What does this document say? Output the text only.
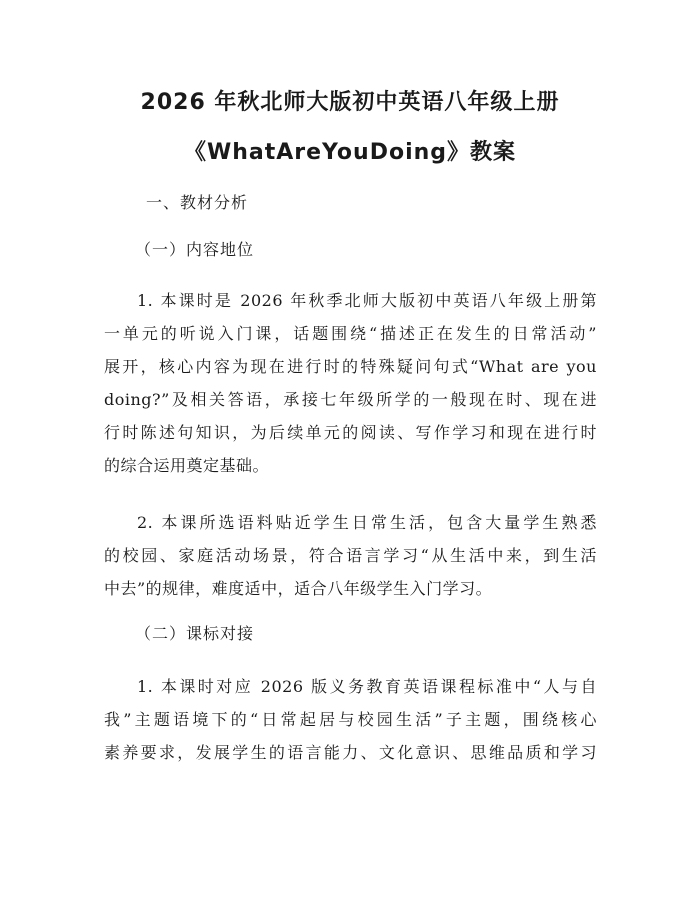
2026 年秋北师大版初中英语八年级上册
《WhatAreYouDoing》教案
一、教材分析
（一）内容地位
1. 本课时是 2026 年秋季北师大版初中英语八年级上册第
一单元的听说入门课，话题围绕“描述正在发生的日常活动”
展开，核心内容为现在进行时的特殊疑问句式“What are you
doing?”及相关答语，承接七年级所学的一般现在时、现在进
行时陈述句知识，为后续单元的阅读、写作学习和现在进行时
的综合运用奠定基础。
2. 本课所选语料贴近学生日常生活，包含大量学生熟悉
的校园、家庭活动场景，符合语言学习“从生活中来，到生活
中去”的规律，难度适中，适合八年级学生入门学习。
（二）课标对接
1. 本课时对应 2026 版义务教育英语课程标准中“人与自
我”主题语境下的“日常起居与校园生活”子主题，围绕核心
素养要求，发展学生的语言能力、文化意识、思维品质和学习
